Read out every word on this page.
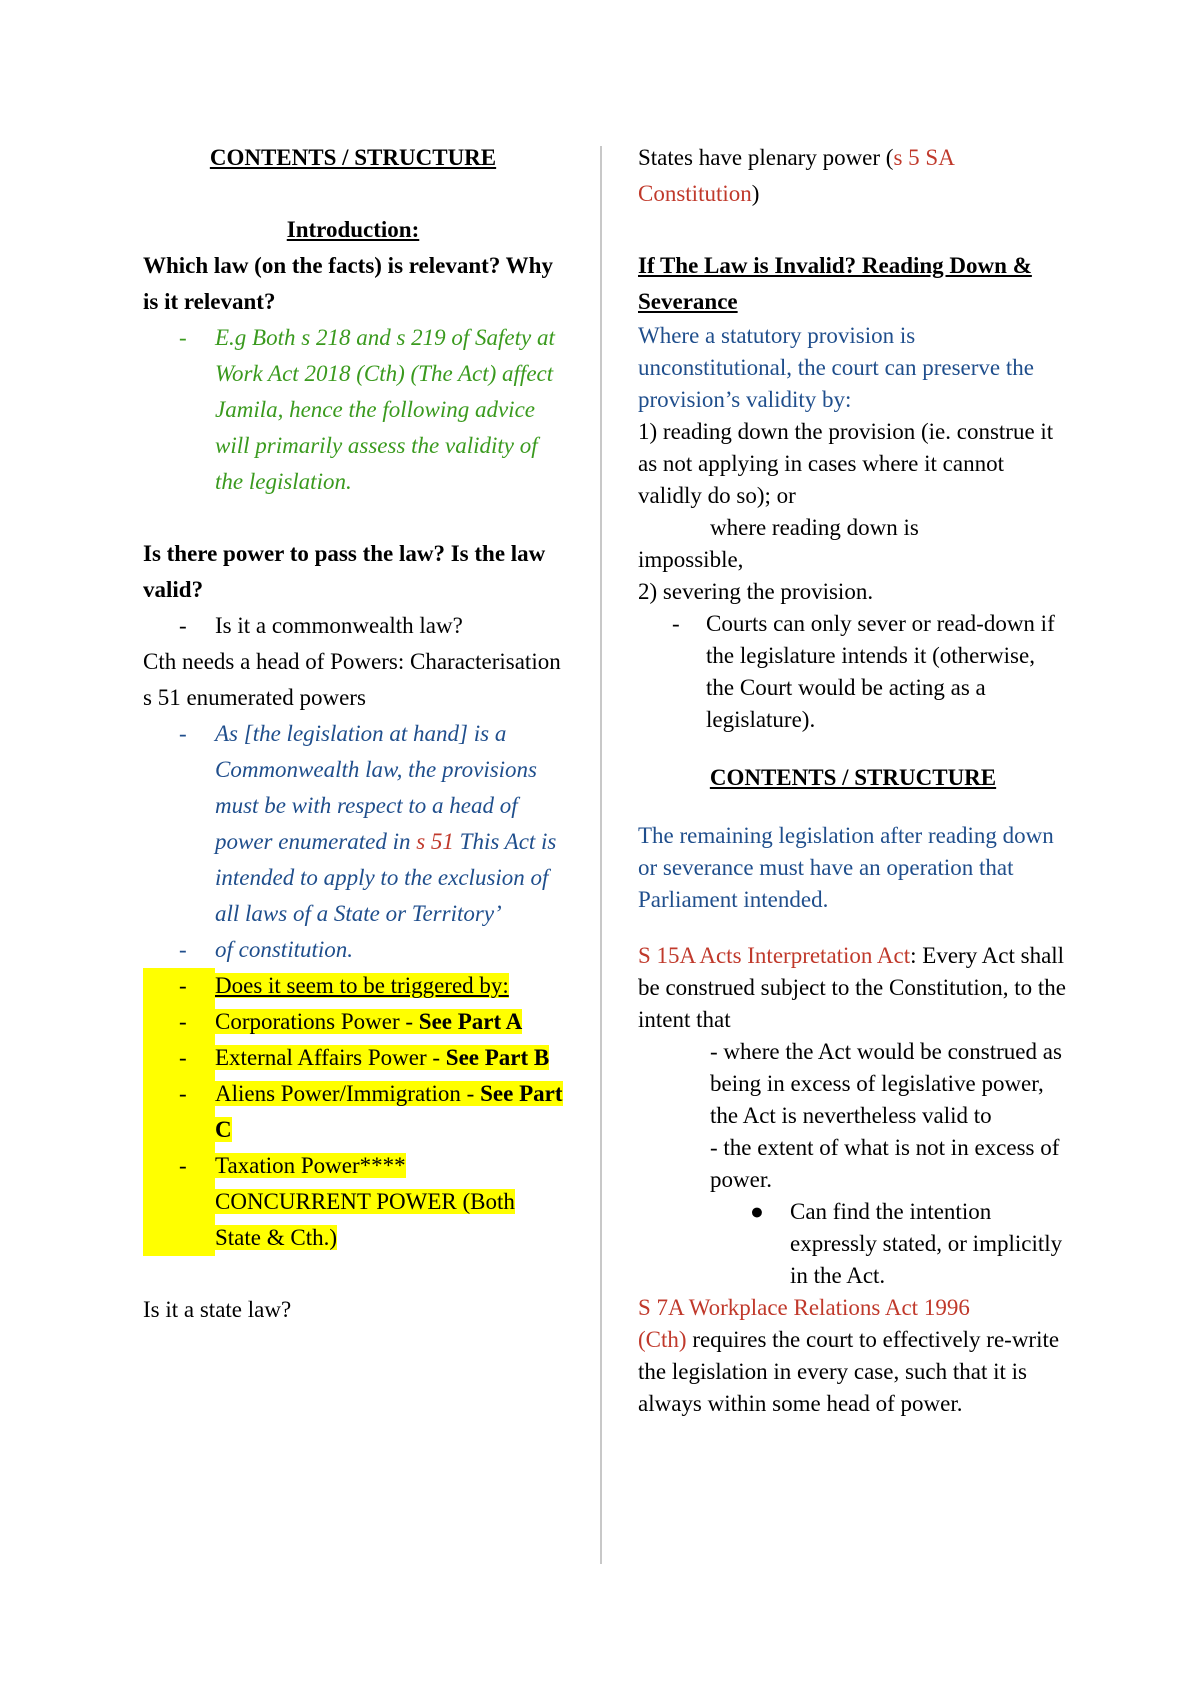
CONTENTS / STRUCTURE

Introduction:

Which law (on the facts) is relevant? Why is it relevant?

-	E.g Both s 218 and s 219 of Safety at Work Act 2018 (Cth) (The Act) affect Jamila, hence the following advice will primarily assess the validity of the legislation.

Is there power to pass the law? Is the law valid?

-	Is it a commonwealth law?

Cth needs a head of Powers: Characterisation s 51 enumerated powers

-	As [the legislation at hand] is a Commonwealth law, the provisions must be with respect to a head of power enumerated in s 51 This Act is intended to apply to the exclusion of all laws of a State or Territory’
-	of constitution.
-	Does it seem to be triggered by:
-	Corporations Power - See Part A
-	External Affairs Power - See Part B
-	Aliens Power/Immigration - See Part C
-	Taxation Power**** CONCURRENT POWER (Both State & Cth.)

Is it a state law?

States have plenary power (s 5 SA Constitution)

If The Law is Invalid? Reading Down & Severance

Where a statutory provision is unconstitutional, the court can preserve the provision’s validity by:

1) reading down the provision (ie. construe it as not applying in cases where it cannot validly do so); or

where reading down is

impossible,

2) severing the provision.

-	Courts can only sever or read-down if the legislature intends it (otherwise, the Court would be acting as a legislature).

CONTENTS / STRUCTURE

The remaining legislation after reading down or severance must have an operation that Parliament intended.

S 15A Acts Interpretation Act: Every Act shall be construed subject to the Constitution, to the intent that

- where the Act would be construed as being in excess of legislative power, the Act is nevertheless valid to

- the extent of what is not in excess of power.

●	Can find the intention expressly stated, or implicitly in the Act.

S 7A Workplace Relations Act 1996
(Cth) requires the court to effectively re-write the legislation in every case, such that it is always within some head of power.
